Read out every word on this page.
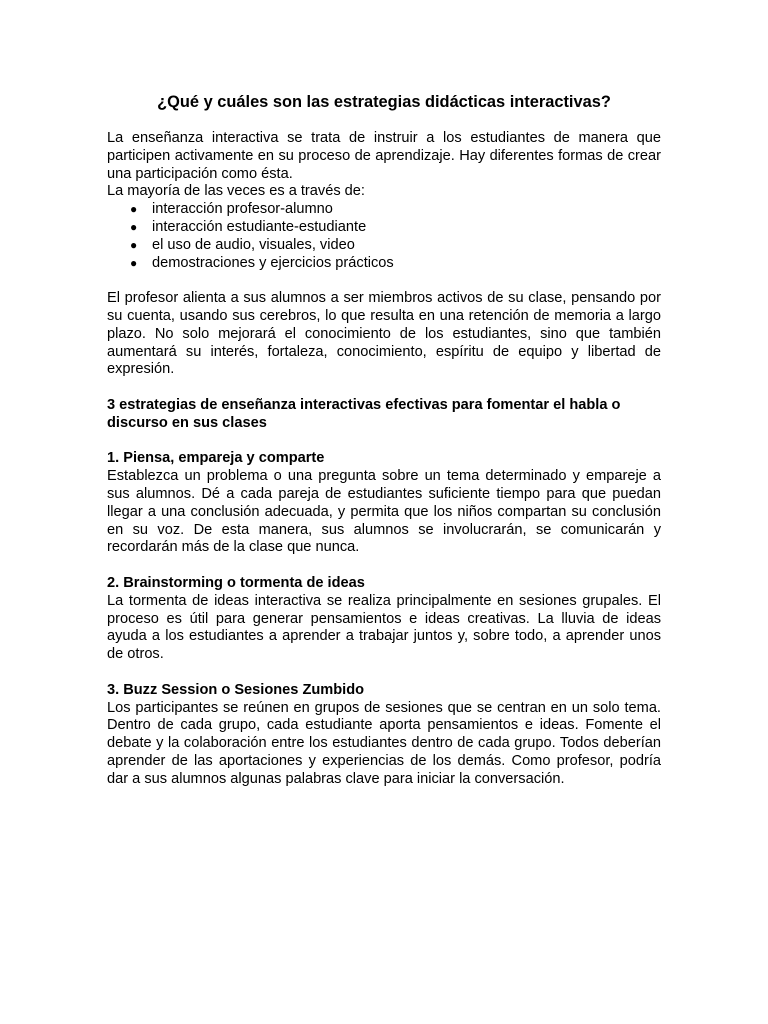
¿Qué y cuáles son las estrategias didácticas interactivas?

La enseñanza interactiva se trata de instruir a los estudiantes de manera que participen activamente en su proceso de aprendizaje. Hay diferentes formas de crear una participación como ésta.

La mayoría de las veces es a través de:

● interacción profesor-alumno
● interacción estudiante-estudiante
● el uso de audio, visuales, video
● demostraciones y ejercicios prácticos

El profesor alienta a sus alumnos a ser miembros activos de su clase, pensando por su cuenta, usando sus cerebros, lo que resulta en una retención de memoria a largo plazo. No solo mejorará el conocimiento de los estudiantes, sino que también aumentará su interés, fortaleza, conocimiento, espíritu de equipo y libertad de expresión.

3 estrategias de enseñanza interactivas efectivas para fomentar el habla o discurso en sus clases

1. Piensa, empareja y comparte

Establezca un problema o una pregunta sobre un tema determinado y empareje a sus alumnos. Dé a cada pareja de estudiantes suficiente tiempo para que puedan llegar a una conclusión adecuada, y permita que los niños compartan su conclusión en su voz. De esta manera, sus alumnos se involucrarán, se comunicarán y recordarán más de la clase que nunca.

2. Brainstorming o tormenta de ideas

La tormenta de ideas interactiva se realiza principalmente en sesiones grupales. El proceso es útil para generar pensamientos e ideas creativas. La lluvia de ideas ayuda a los estudiantes a aprender a trabajar juntos y, sobre todo, a aprender unos de otros.

3. Buzz Session o Sesiones Zumbido

Los participantes se reúnen en grupos de sesiones que se centran en un solo tema. Dentro de cada grupo, cada estudiante aporta pensamientos e ideas. Fomente el debate y la colaboración entre los estudiantes dentro de cada grupo. Todos deberían aprender de las aportaciones y experiencias de los demás. Como profesor, podría dar a sus alumnos algunas palabras clave para iniciar la conversación.
